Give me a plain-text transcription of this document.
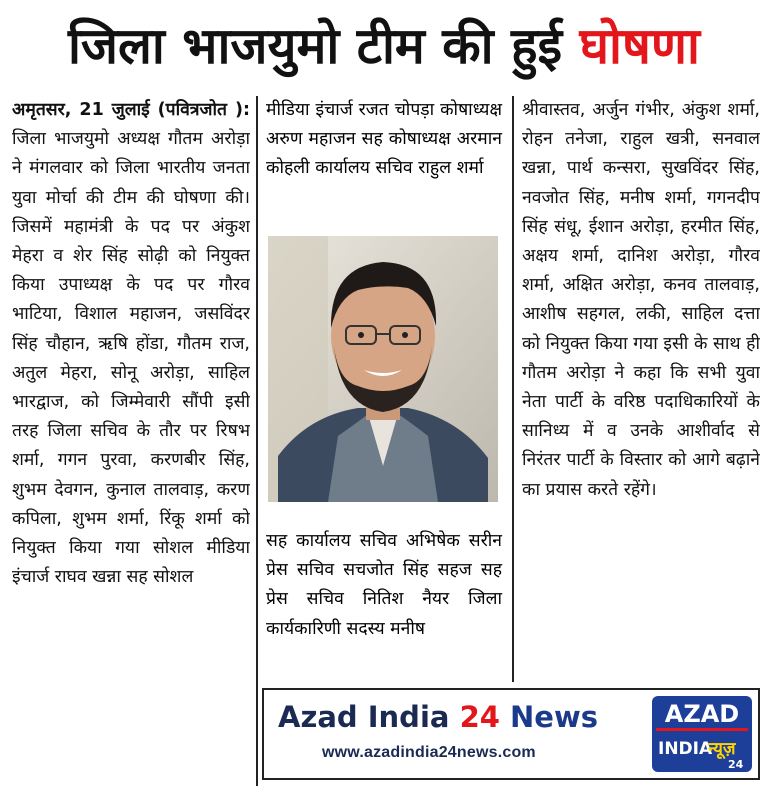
जिला भाजयुमो टीम की हुई घोषणा
अमृतसर, 21 जुलाई (पवित्रजोत ): जिला भाजयुमो अध्यक्ष गौतम अरोड़ा ने मंगलवार को जिला भारतीय जनता युवा मोर्चा की टीम की घोषणा की। जिसमें महामंत्री के पद पर अंकुश मेहरा व शेर सिंह सोढ़ी को नियुक्त किया उपाध्यक्ष के पद पर गौरव भाटिया, विशाल महाजन, जसविंदर सिंह चौहान, ऋषि होंडा, गौतम राज, अतुल मेहरा, सोनू अरोड़ा, साहिल भारद्वाज, को जिम्मेवारी सौंपी इसी तरह जिला सचिव के तौर पर रिषभ शर्मा, गगन पुरवा, करणबीर सिंह, शुभम देवगन, कुनाल तालवाड़, करण कपिला, शुभम शर्मा, रिंकू शर्मा को नियुक्त किया गया सोशल मीडिया इंचार्ज राघव खन्ना सह सोशल
मीडिया इंचार्ज रजत चोपड़ा कोषाध्यक्ष अरुण महाजन सह कोषाध्यक्ष अरमान कोहली कार्यालय सचिव राहुल शर्मा
सह कार्यालय सचिव अभिषेक सरीन प्रेस सचिव सचजोत सिंह सहज सह प्रेस सचिव नितिश नैयर जिला कार्यकारिणी सदस्य मनीष
श्रीवास्तव, अर्जुन गंभीर, अंकुश शर्मा, रोहन तनेजा, राहुल खत्री, सनवाल खन्ना, पार्थ कन्सरा, सुखविंदर सिंह, नवजोत सिंह, मनीष शर्मा, गगनदीप सिंह संधू, ईशान अरोड़ा, हरमीत सिंह, अक्षय शर्मा, दानिश अरोड़ा, गौरव शर्मा, अक्षित अरोड़ा, कनव तालवाड़, आशीष सहगल, लकी, साहिल दत्ता को नियुक्त किया गया इसी के साथ ही गौतम अरोड़ा ने कहा कि सभी युवा नेता पार्टी के वरिष्ठ पदाधिकारियों के सानिध्य में व उनके आशीर्वाद से निरंतर पार्टी के विस्तार को आगे बढ़ाने का प्रयास करते रहेंगे।
Azad India 24 News
www.azadindia24news.com
AZAD
INDIA
न्यूज़
24
